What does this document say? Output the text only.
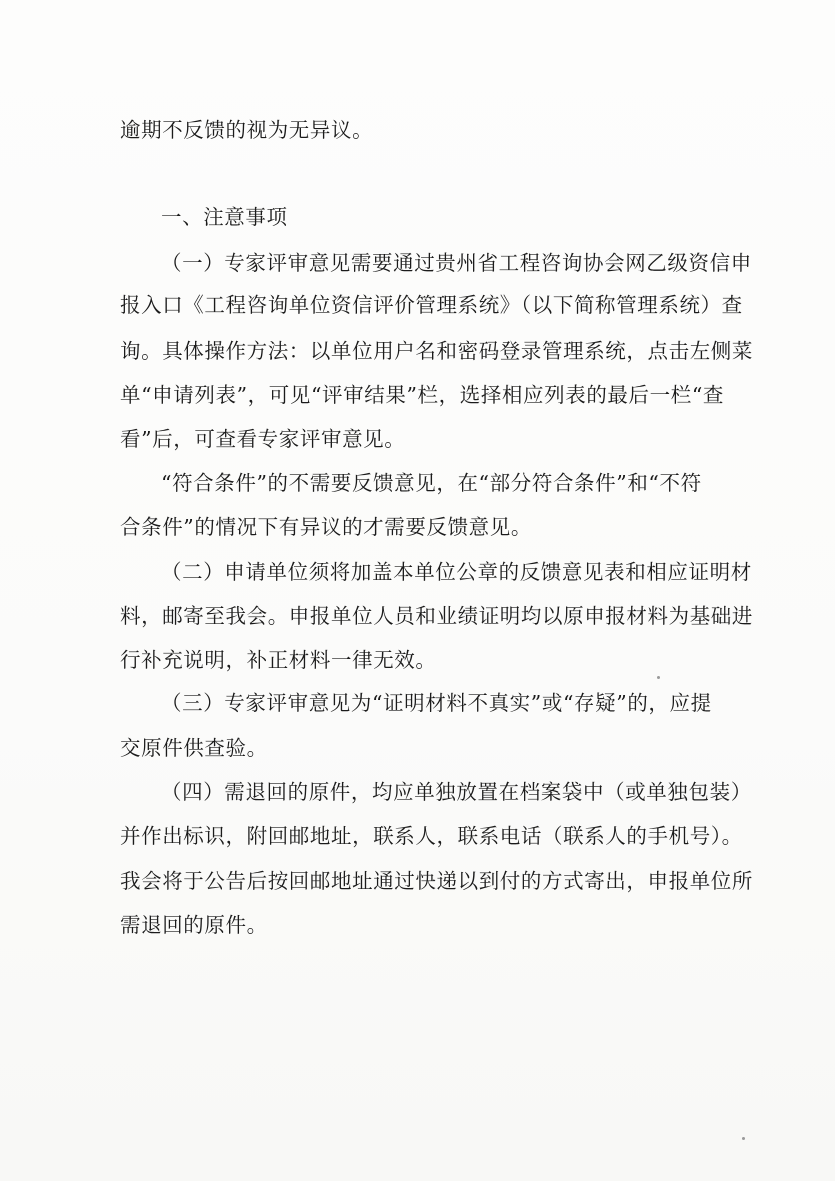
逾期不反馈的视为无异议。
一、注意事项
（一）专家评审意见需要通过贵州省工程咨询协会网乙级资信申
报入口《工程咨询单位资信评价管理系统》（以下简称管理系统）查
询。具体操作方法：以单位用户名和密码登录管理系统，点击左侧菜
单“申请列表”，可见“评审结果”栏，选择相应列表的最后一栏“查
看”后，可查看专家评审意见。
“符合条件”的不需要反馈意见，在“部分符合条件”和“不符
合条件”的情况下有异议的才需要反馈意见。
（二）申请单位须将加盖本单位公章的反馈意见表和相应证明材
料，邮寄至我会。申报单位人员和业绩证明均以原申报材料为基础进
行补充说明，补正材料一律无效。
（三）专家评审意见为“证明材料不真实”或“存疑”的，应提
交原件供查验。
（四）需退回的原件，均应单独放置在档案袋中（或单独包装）
并作出标识，附回邮地址，联系人，联系电话（联系人的手机号）。
我会将于公告后按回邮地址通过快递以到付的方式寄出，申报单位所
需退回的原件。
